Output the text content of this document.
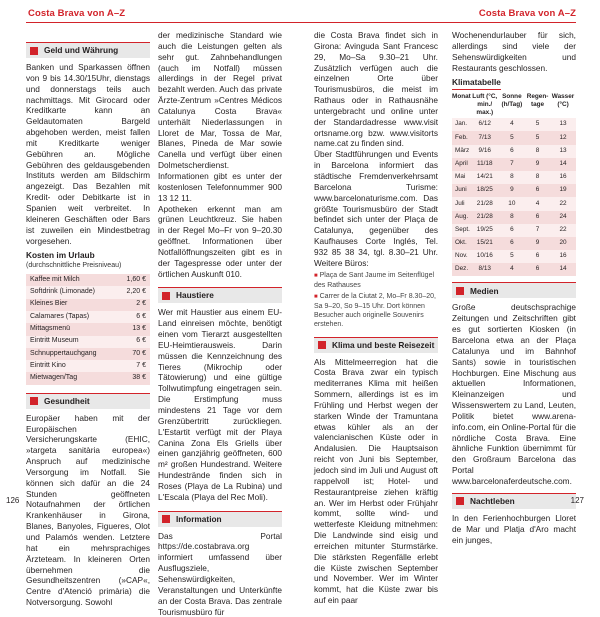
Costa Brava von A–Z
Geld und Währung

Banken und Sparkassen öffnen von 9 bis 14.30/15Uhr, dienstags und donnerstags teils auch nachmittags. Mit Girocard oder Kreditkarte kann an Geldautomaten Bargeld abgehoben werden, meist fallen mit Kreditkarte weniger Gebühren an. Mögliche Gebühren des geldausgebenden Instituts werden am Bildschirm angezeigt. Das Bezahlen mit Kredit- oder Debitkarte ist in Spanien weit verbreitet. In kleineren Geschäften oder Bars ist zuweilen ein Mindestbetrag vorgesehen.

Kosten im Urlaub
(durchschnittliche Preisniveau)
Kaffee mit Milch	1,60 €
Softdrink (Limonade)	2,20 €
Kleines Bier	2 €
Calamares (Tapas)	6 €
Mittagsmenü	13 €
Eintritt Museum	6 €
Schnuppertauchgang	70 €
Eintritt Kino	7 €
Mietwagen/Tag	38 €
Gesundheit

Europäer haben mit der Europäischen Versicherungskarte (EHIC, »targeta sanitària europea«) Anspruch auf medizinische Versorgung im Notfall. Sie können sich dafür an die 24 Stunden geöffneten Notaufnahmen der örtlichen Krankenhäuser in Girona, Blanes, Banyoles, Figueres, Olot und Palamós wenden. Letztere hat ein mehrsprachiges Ärzteteam. In kleineren Orten übernehmen die Gesundheitszentren (»CAP«, Centre d'Atenció primària) die Notversorgung. Sowohl

der medizinische Standard wie auch die Leistungen gelten als sehr gut. Zahnbehandlungen (auch im Notfall) müssen allerdings in der Regel privat bezahlt werden. Auch das private Ärzte-Zentrum »Centres Médicos Catalunya Costa Brava« unterhält Niederlassungen in Lloret de Mar, Tossa de Mar, Blanes, Pineda de Mar sowie Canella und verfügt über einen Dolmetscherdienst. Informationen gibt es unter der kostenlosen Telefonnummer 900 13 12 11.

Apotheken erkennt man am grünen Leuchtkreuz. Sie haben in der Regel Mo–Fr von 9–20.30 geöffnet. Informationen über Notfallöffnungszeiten gibt es in der Tagespresse oder unter der örtlichen Auskunft 010.

Haustiere

Wer mit Haustier aus einem EU-Land einreisen möchte, benötigt einen vom Tierarzt ausgestellten EU-Heimtierausweis. Darin müssen die Kennzeichnung des Tieres (Mikrochip oder Tätowierung) und eine gültige Tollwutimpfung eingetragen sein. Die Erstimpfung muss mindestens 21 Tage vor dem Grenzübertritt zurückliegen. L'Estartit verfügt mit der Playa Canina Zona Els Griells über einen ganzjährig geöffneten, 600 m² großen Hundestrand. Weitere Hundestrände finden sich in Roses (Playa de La Rubina) und L'Escala (Playa del Rec Moli).

Information

Das Portal https://de.costabrava.org informiert umfassend über Ausflugsziele, Sehenswürdigkeiten, Veranstaltungen und Unterkünfte an der Costa Brava. Das zentrale Tourismusbüro für

126
Costa Brava von A–Z

die Costa Brava findet sich in Girona: Avinguda Sant Francesc 29, Mo–Sa 9.30–21 Uhr. Zusätzlich verfügen auch die einzelnen Orte über Tourismusbüros, die meist im Rathaus oder in Rathausnähe untergebracht und online unter der Standardadresse www.visit ortsname.org bzw. www.visitorts name.cat zu finden sind.

Über Stadtführungen und Events in Barcelona informiert das städtische Fremdenverkehrsamt Barcelona Turisme: www.barcelonaturisme.com. Das größte Tourismusbüro der Stadt befindet sich unter der Plaça de Catalunya, gegenüber des Kaufhauses Corte Inglés, Tel. 932 85 38 34, tgl. 8.30–21 Uhr. Weitere Büros:

■ Plaça de Sant Jaume im Seitenflügel des Rathauses
■ Carrer de la Ciutat 2, Mo–Fr 8.30–20, Sa 9–20, So 9–15 Uhr. Dort können Besucher auch originelle Souvenirs erstehen.
Klima und beste Reisezeit

Als Mittelmeerregion hat die Costa Brava zwar ein typisch mediterranes Klima mit heißen Sommern, allerdings ist es im Frühling und Herbst wegen der starken Winde der Tramuntana etwas kühler als an der valencianischen Küste oder in Andalusien. Die Hauptsaison reicht von Juni bis September, jedoch sind im Juli und August oft rappelvoll ist; Hotel- und Restaurantpreise ziehen kräftig an. Wer im Herbst oder Frühjahr kommt, sollte wind- und wetterfeste Kleidung mitnehmen: Die Landwinde sind eisig und erreichen mitunter Sturmstärke. Die stärksten Regenfälle erlebt die Küste zwischen September und November. Wer im Winter kommt, hat die Küste zwar bis auf ein paar

Wochenendurlauber für sich, allerdings sind viele der Sehenswürdigkeiten und Restaurants geschlossen.

Klimatabelle
Monat	Luft (°C, min./ max.)	Sonne (h/Tag)	Regen-tage	Wasser (°C)
Jan.	6/12	4	5	13
Feb.	7/13	5	5	12
März	9/16	6	8	13
April	11/18	7	9	14
Mai	14/21	8	8	16
Juni	18/25	9	6	19
Juli	21/28	10	4	22
Aug.	21/28	8	6	24
Sept.	19/25	6	7	22
Okt.	15/21	6	9	20
Nov.	10/16	5	6	16
Dez.	8/13	4	6	14
Medien

Große deutschsprachige Zeitungen und Zeitschriften gibt es gut sortierten Kiosken (in Barcelona etwa an der Plaça Catalunya und im Bahnhof Sants) sowie in touristischen Hochburgen. Eine Mischung aus aktuellen Informationen, Kleinanzeigen und Wissenswertem zu Land, Leuten, Politik bietet www.arena-info.com, ein Online-Portal für die nördliche Costa Brava. Eine ähnliche Funktion übernimmt für den Großraum Barcelona das Portal www.barcelonaferdeutsche.com.

Nachtleben

In den Ferienhochburgen Lloret de Mar und Platja d'Aro macht ein junges,

127
